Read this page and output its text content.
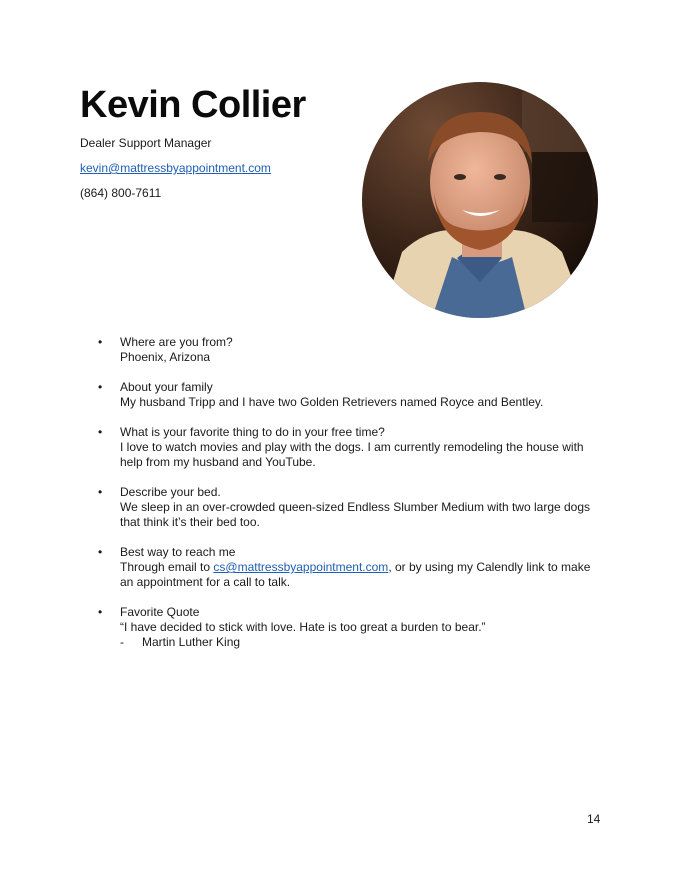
Kevin Collier
Dealer Support Manager
kevin@mattressbyappointment.com
(864) 800-7611
• Where are you from?
Phoenix, Arizona
• About your family
My husband Tripp and I have two Golden Retrievers named Royce and Bentley.
• What is your favorite thing to do in your free time?
I love to watch movies and play with the dogs. I am currently remodeling the house with help from my husband and YouTube.
• Describe your bed.
We sleep in an over-crowded queen-sized Endless Slumber Medium with two large dogs that think it’s their bed too.
• Best way to reach me
Through email to cs@mattressbyappointment.com, or by using my Calendly link to make an appointment for a call to talk.
• Favorite Quote
“I have decided to stick with love. Hate is too great a burden to bear.”
- Martin Luther King
14
